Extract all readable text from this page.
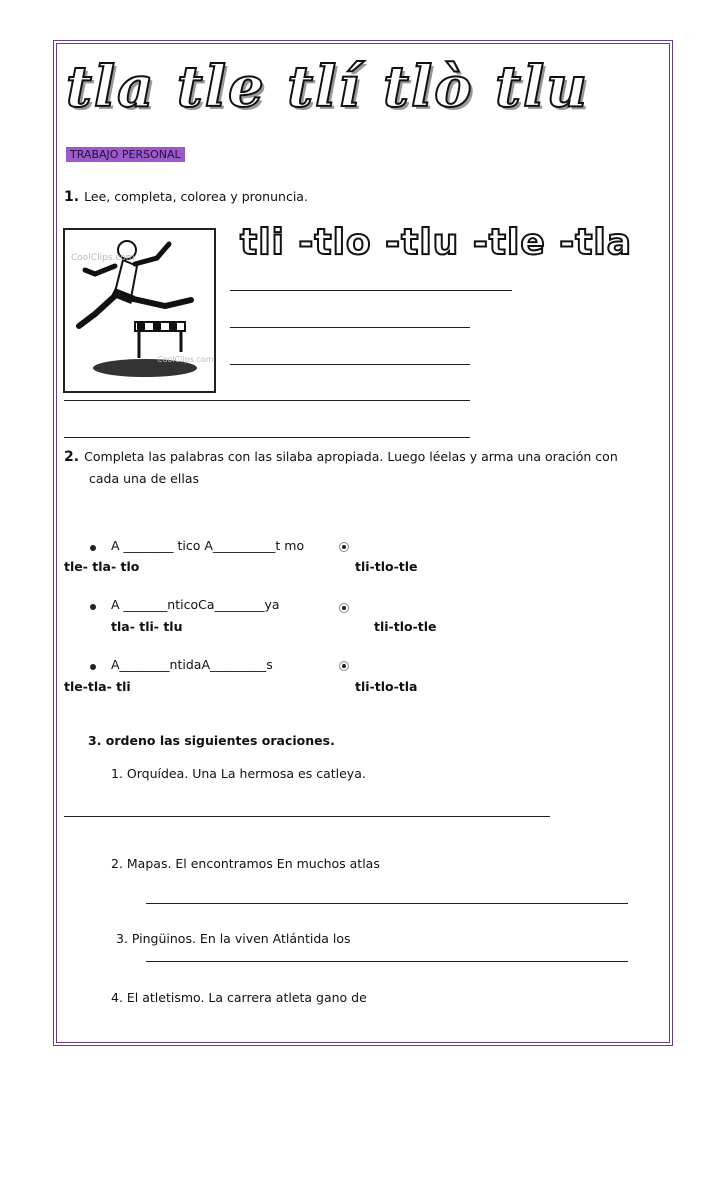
tla tle tlí tlò tlu
TRABAJO PERSONAL
1. Lee, completa, colorea y pronuncia.
CoolClips.com
CoolClips.com
tli -tlo -tlu -tle -tla
2. Completa las palabras con las silaba apropiada. Luego léelas y arma una oración con
cada una de ellas
A ________ tico A__________t mo
tle- tla- tlo	tli-tlo-tle
A _______nticoCa________ya
tla- tli- tlu	tli-tlo-tle
A________ntidaA_________s
tle-tla- tli	tli-tlo-tla
3. ordeno las siguientes oraciones.
1. Orquídea. Una La hermosa es catleya.
2. Mapas. El encontramos En muchos atlas
3. Pingüinos. En la viven Atlántida los
4. El atletismo. La carrera atleta gano de
